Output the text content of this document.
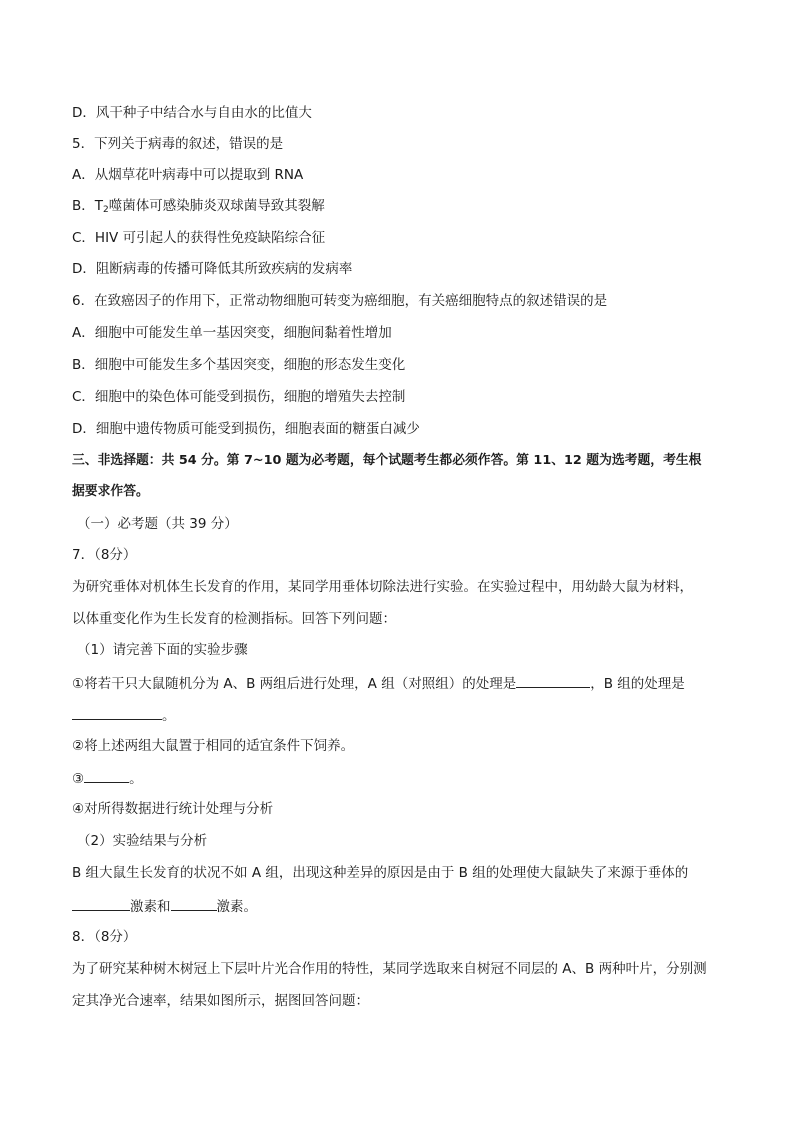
D．风干种子中结合水与自由水的比值大
5．下列关于病毒的叙述，错误的是
A．从烟草花叶病毒中可以提取到 RNA
B．$T_2$噬菌体可感染肺炎双球菌导致其裂解
C．HIV 可引起人的获得性免疫缺陷综合征
D．阻断病毒的传播可降低其所致疾病的发病率
6．在致癌因子的作用下，正常动物细胞可转变为癌细胞，有关癌细胞特点的叙述错误的是
A．细胞中可能发生单一基因突变，细胞间黏着性增加
B．细胞中可能发生多个基因突变，细胞的形态发生变化
C．细胞中的染色体可能受到损伤，细胞的增殖失去控制
D．细胞中遗传物质可能受到损伤，细胞表面的糖蛋白减少
三、非选择题：共 54 分。第 7~10 题为必考题，每个试题考生都必须作答。第 11、12 题为选考题，考生根
据要求作答。
（一）必考题（共 39 分）
7．（8分）
为研究垂体对机体生长发育的作用，某同学用垂体切除法进行实验。在实验过程中，用幼龄大鼠为材料，
以体重变化作为生长发育的检测指标。回答下列问题：
（1）请完善下面的实验步骤
①将若干只大鼠随机分为 A、B 两组后进行处理，A 组（对照组）的处理是	，B 组的处理是
。
②将上述两组大鼠置于相同的适宜条件下饲养。
③	。
④对所得数据进行统计处理与分析
（2）实验结果与分析
B 组大鼠生长发育的状况不如 A 组，出现这种差异的原因是由于 B 组的处理使大鼠缺失了来源于垂体的
激素和	激素。
8．（8分）
为了研究某种树木树冠上下层叶片光合作用的特性，某同学选取来自树冠不同层的 A、B 两种叶片，分别测
定其净光合速率，结果如图所示，据图回答问题：
